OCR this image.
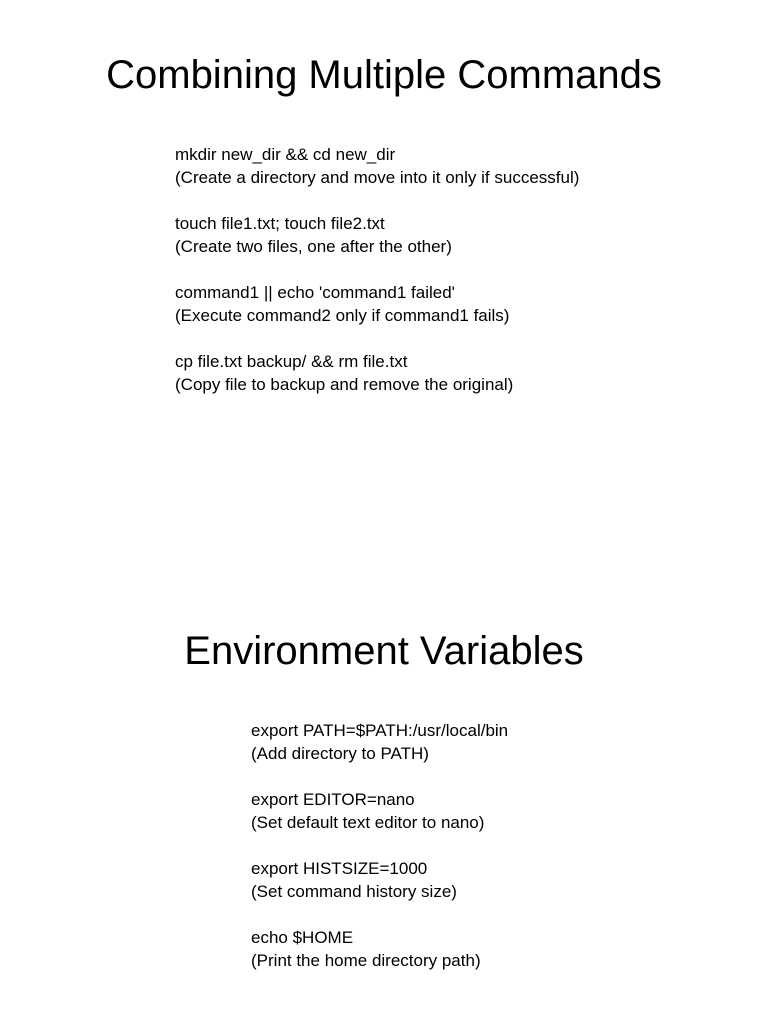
Combining Multiple Commands
mkdir new_dir && cd new_dir
(Create a directory and move into it only if successful)
touch file1.txt; touch file2.txt
(Create two files, one after the other)
command1 || echo 'command1 failed'
(Execute command2 only if command1 fails)
cp file.txt backup/ && rm file.txt
(Copy file to backup and remove the original)
Environment Variables
export PATH=$PATH:/usr/local/bin
(Add directory to PATH)
export EDITOR=nano
(Set default text editor to nano)
export HISTSIZE=1000
(Set command history size)
echo $HOME
(Print the home directory path)
